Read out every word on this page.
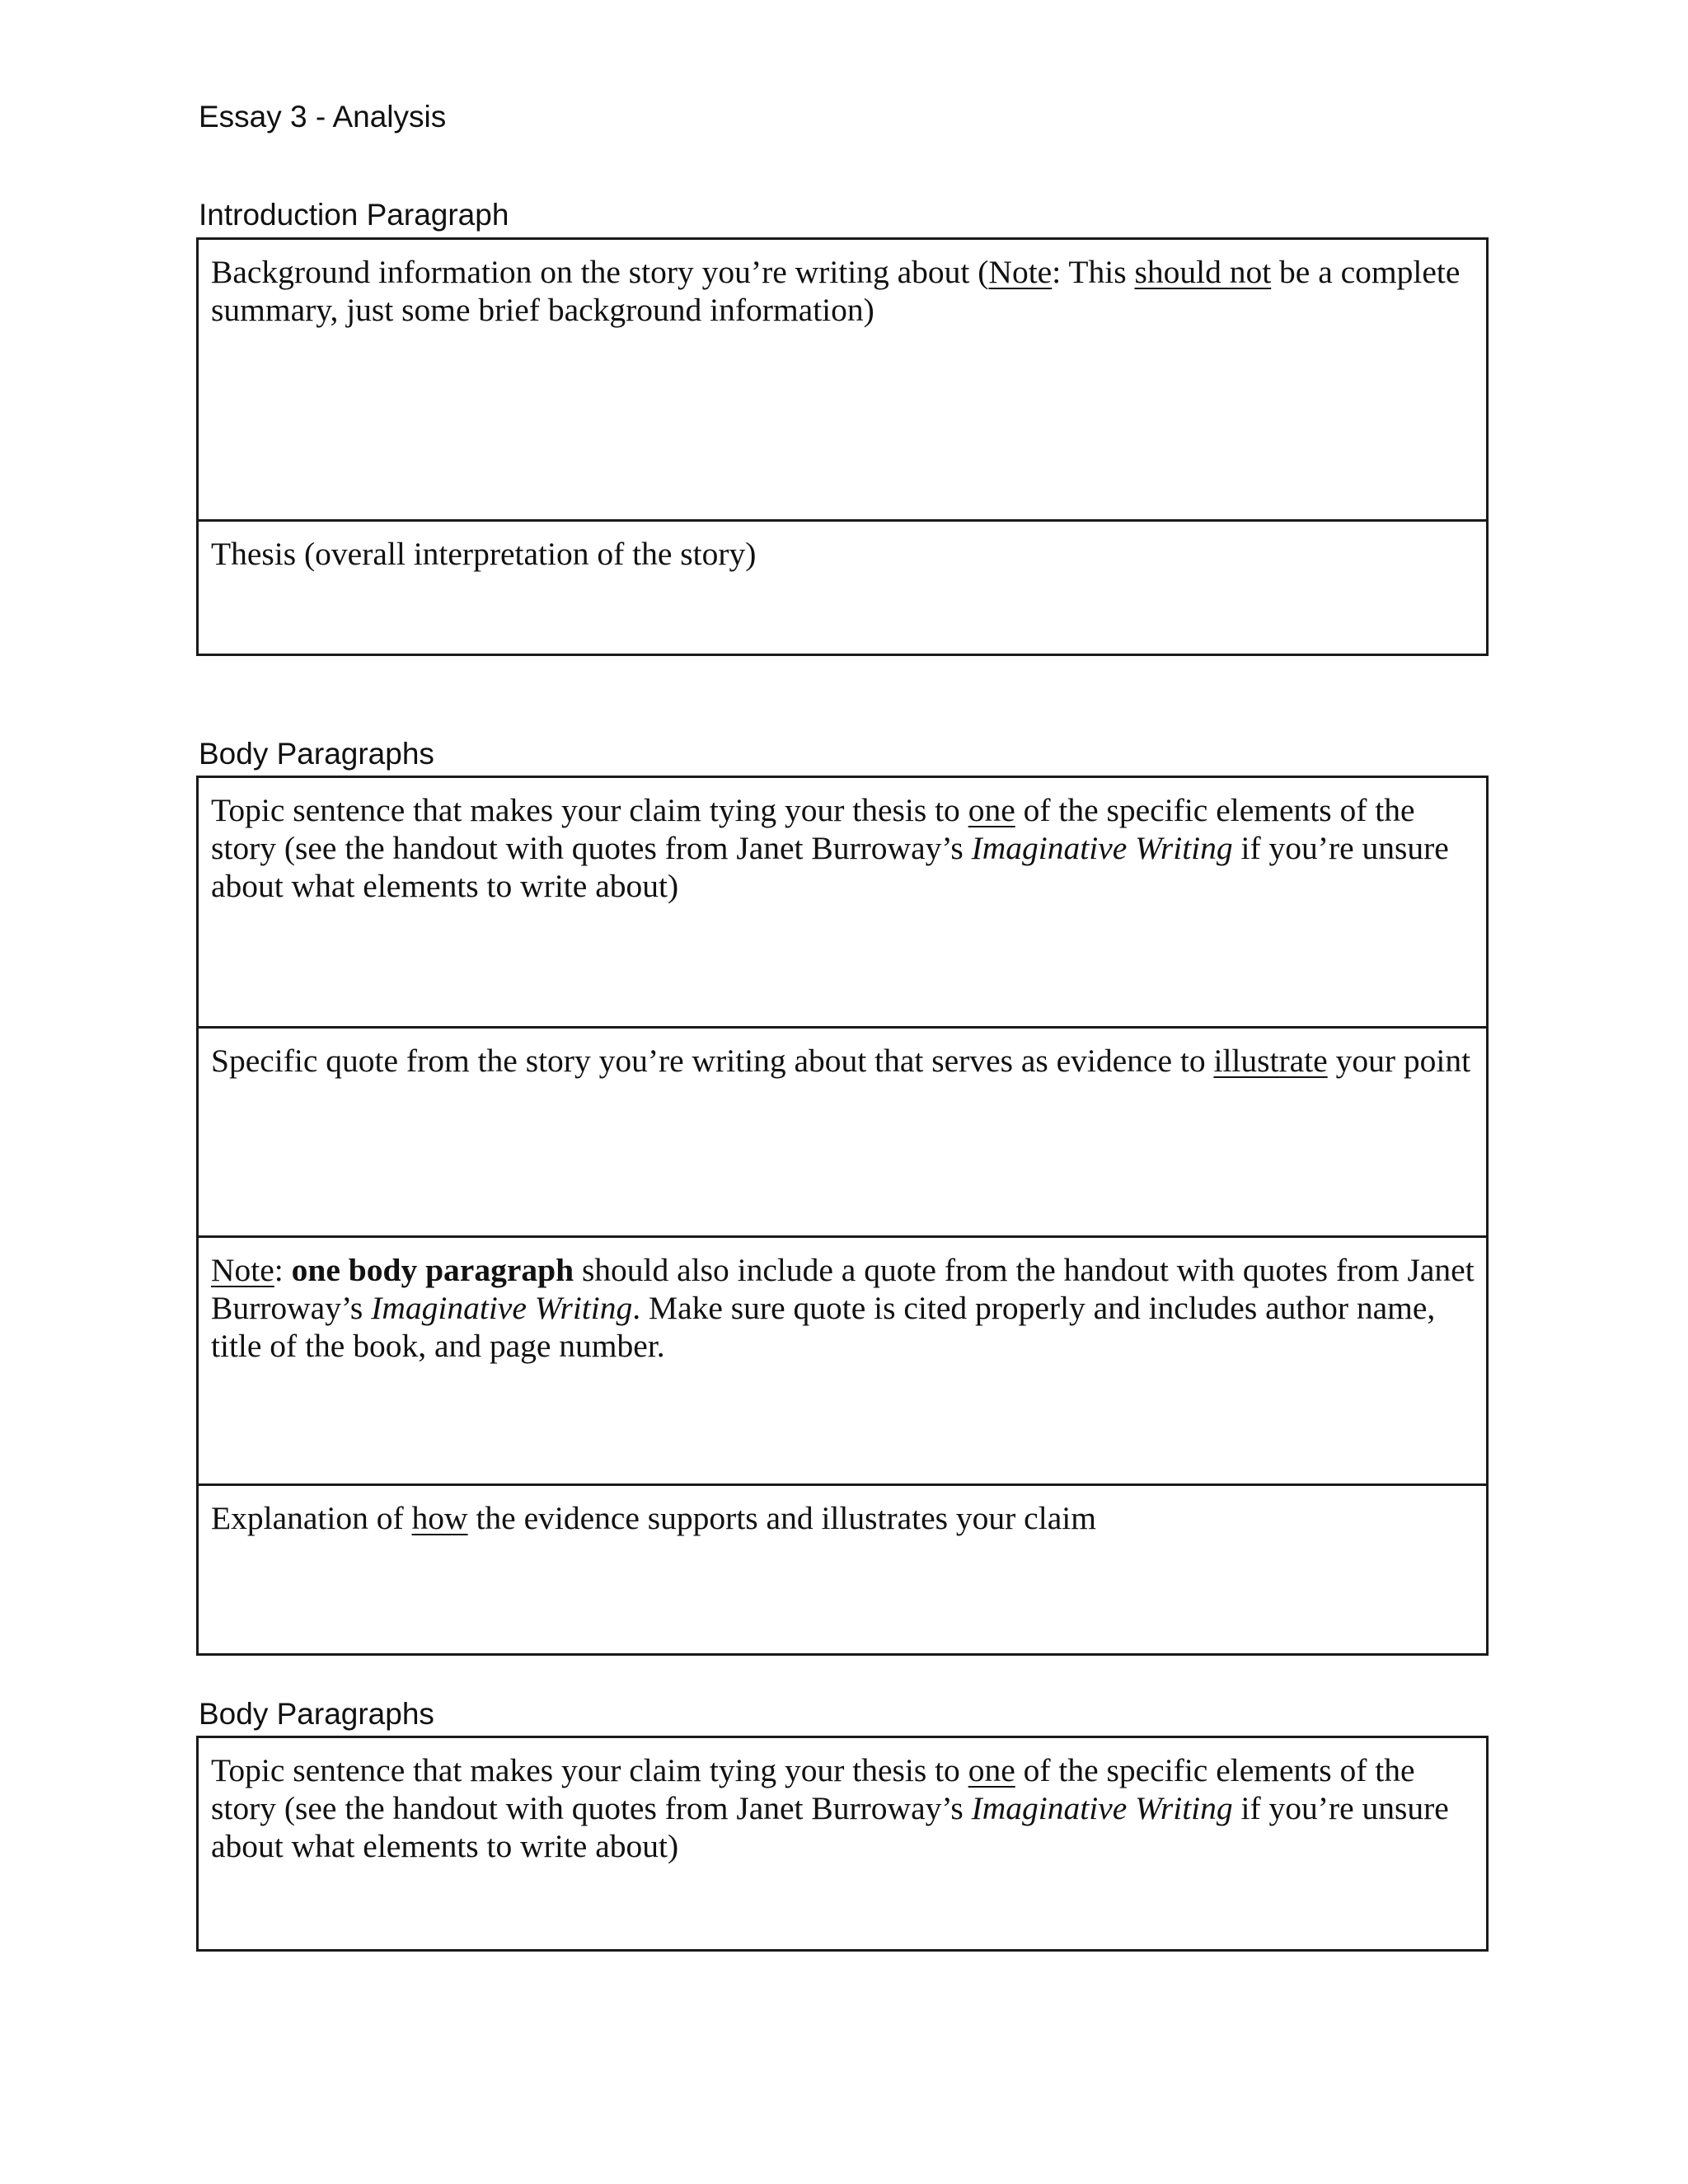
Essay 3 - Analysis
Introduction Paragraph
Background information on the story you’re writing about (Note: This should not be a complete summary, just some brief background information)
Thesis (overall interpretation of the story)
Body Paragraphs
Topic sentence that makes your claim tying your thesis to one of the specific elements of the story (see the handout with quotes from Janet Burroway’s Imaginative Writing if you’re unsure about what elements to write about)
Specific quote from the story you’re writing about that serves as evidence to illustrate your point
Note: one body paragraph should also include a quote from the handout with quotes from Janet Burroway’s Imaginative Writing. Make sure quote is cited properly and includes author name, title of the book, and page number.
Explanation of how the evidence supports and illustrates your claim
Body Paragraphs
Topic sentence that makes your claim tying your thesis to one of the specific elements of the story (see the handout with quotes from Janet Burroway’s Imaginative Writing if you’re unsure about what elements to write about)
